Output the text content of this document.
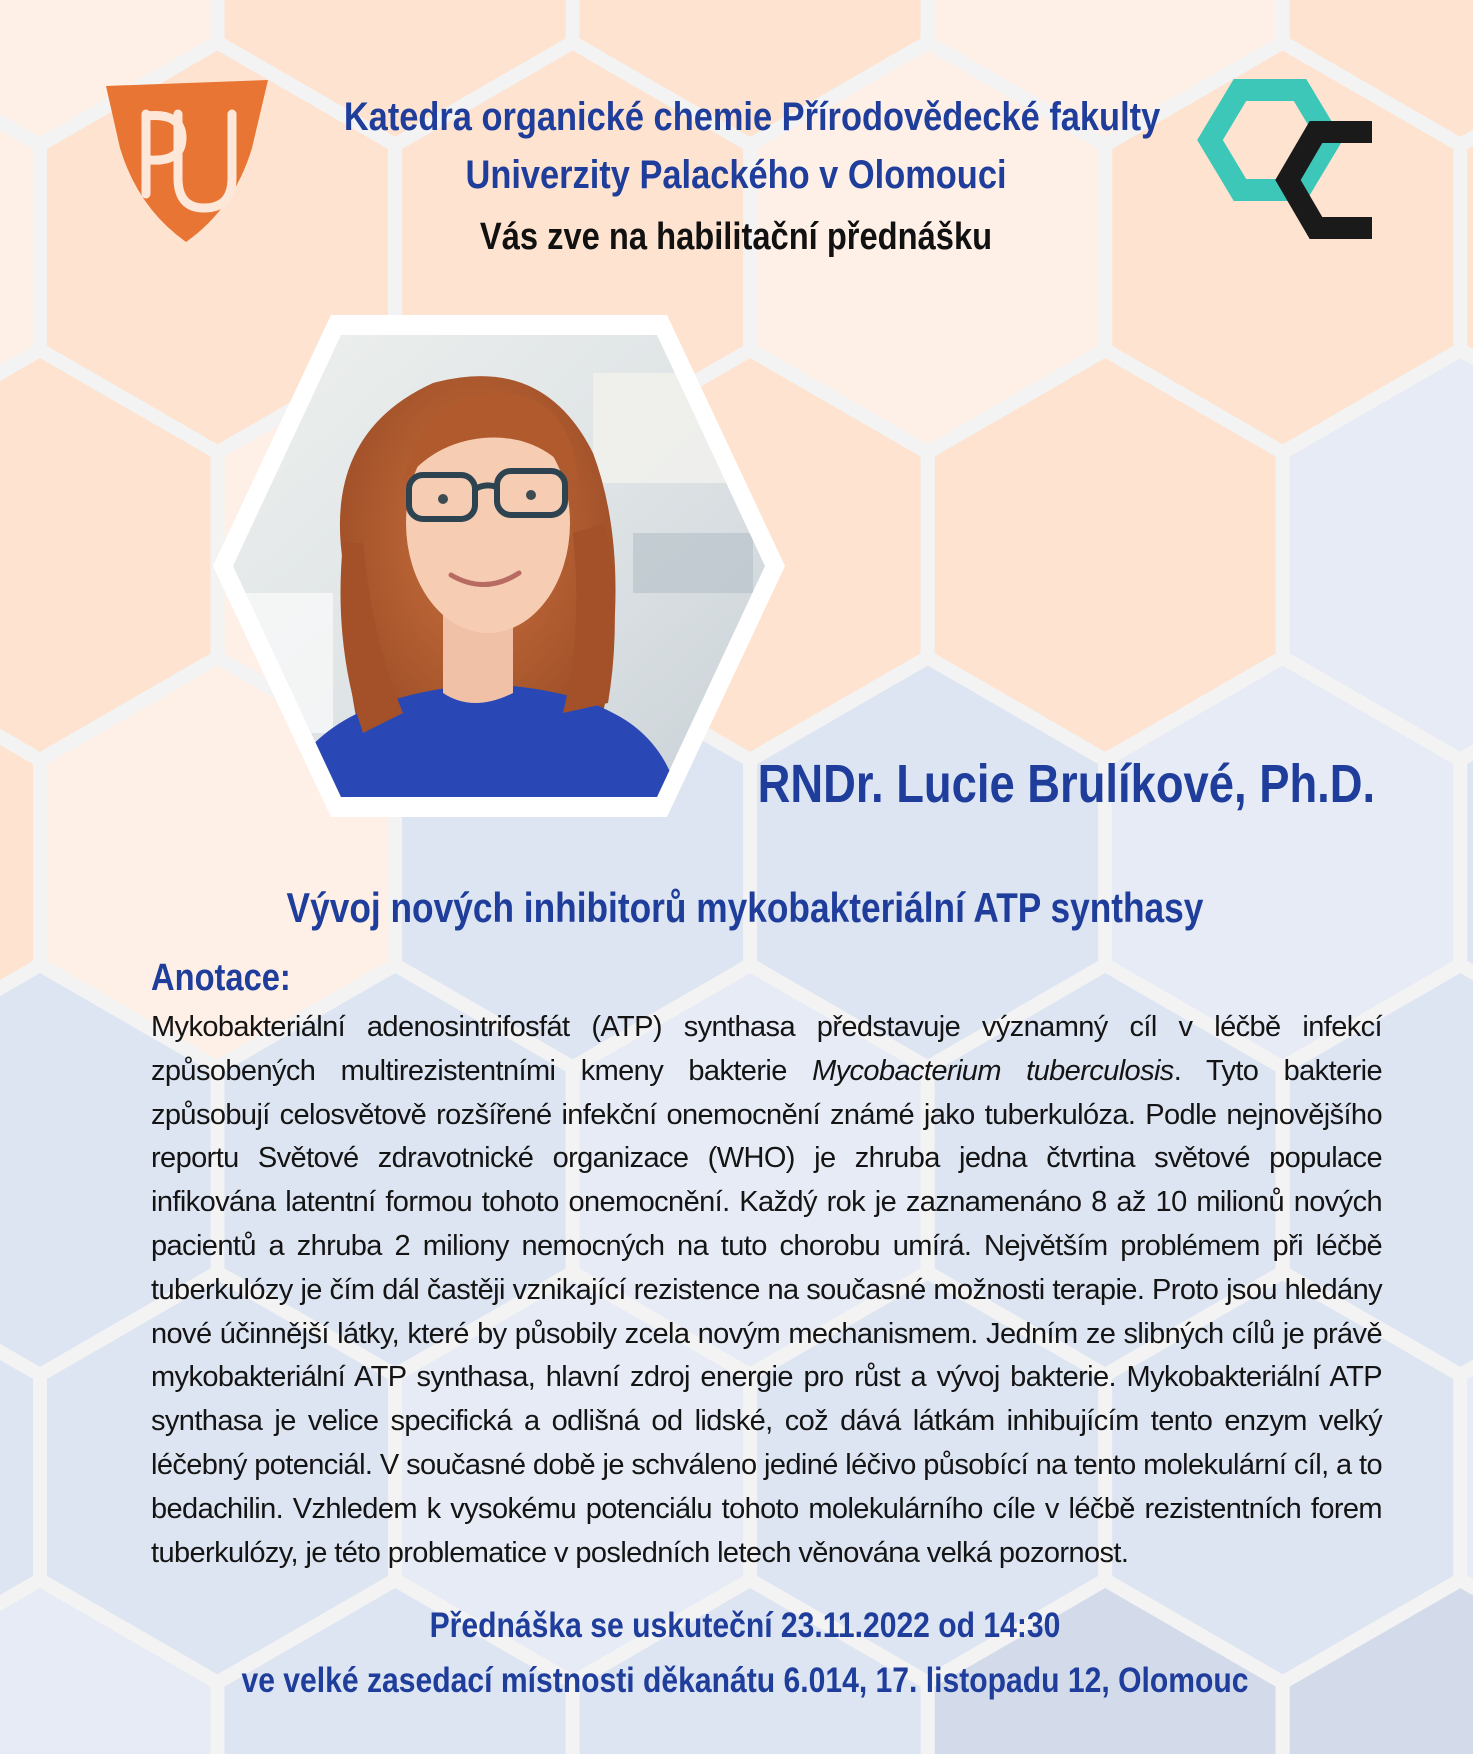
Katedra organické chemie Přírodovědecké fakulty

Univerzity Palackého v Olomouci

Vás zve na habilitační přednášku

RNDr. Lucie Brulíkové, Ph.D.

Vývoj nových inhibitorů mykobakteriální ATP synthasy

Anotace:

Mykobakteriální adenosintrifosfát (ATP) synthasa představuje významný cíl v léčbě infekcí způsobených multirezistentními kmeny bakterie Mycobacterium tuberculosis. Tyto bakterie způsobují celosvětově rozšířené infekční onemocnění známé jako tuberkulóza. Podle nejnovějšího reportu Světové zdravotnické organizace (WHO) je zhruba jedna čtvrtina světové populace infikována latentní formou tohoto onemocnění. Každý rok je zaznamenáno 8 až 10 milionů nových pacientů a zhruba 2 miliony nemocných na tuto chorobu umírá. Největším problémem při léčbě tuberkulózy je čím dál častěji vznikající rezistence na současné možnosti terapie. Proto jsou hledány nové účinnější látky, které by působily zcela novým mechanismem. Jedním ze slibných cílů je právě mykobakteriální ATP synthasa, hlavní zdroj energie pro růst a vývoj bakterie. Mykobakteriální ATP synthasa je velice specifická a odlišná od lidské, což dává látkám inhibujícím tento enzym velký léčebný potenciál. V současné době je schváleno jediné léčivo působící na tento molekulární cíl, a to bedachilin. Vzhledem k vysokému potenciálu tohoto molekulárního cíle v léčbě rezistentních forem tuberkulózy, je této problematice v posledních letech věnována velká pozornost.

Přednáška se uskuteční 23.11.2022 od 14:30

ve velké zasedací místnosti děkanátu 6.014, 17. listopadu 12, Olomouc
